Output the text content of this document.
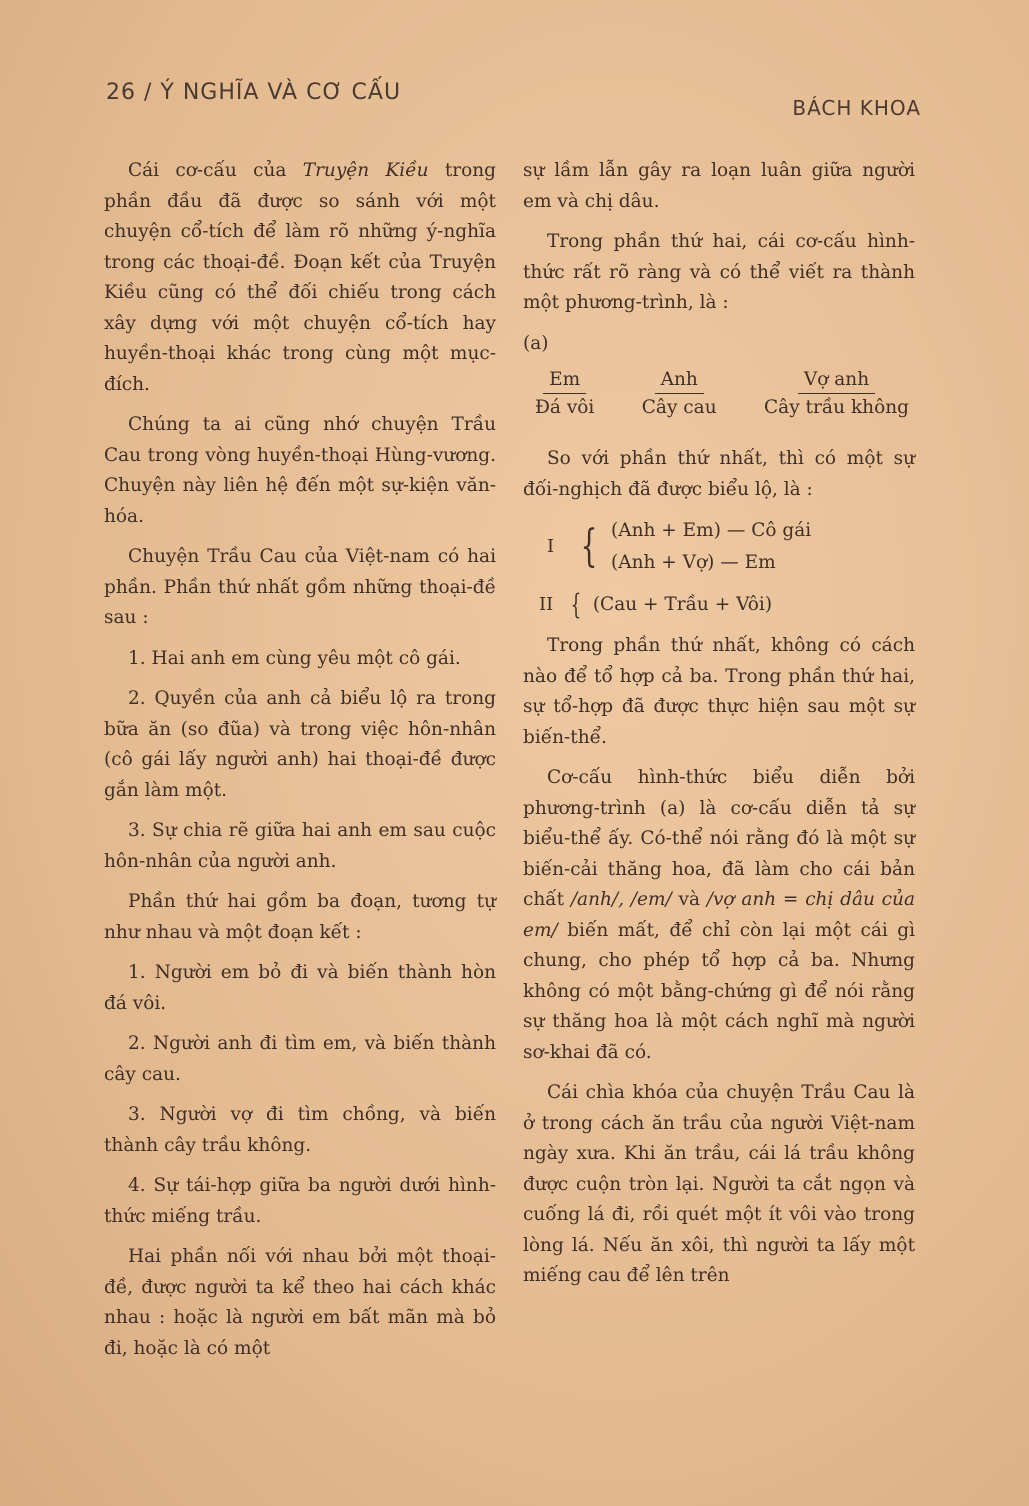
26 / Ý NGHĨA VÀ CƠ CẤU
BÁCH KHOA

Cái cơ-cấu của Truyện Kiều trong phần đầu đã được so sánh với một chuyện cổ-tích để làm rõ những ý-nghĩa trong các thoại-đề. Đoạn kết của Truyện Kiều cũng có thể đối chiếu trong cách xây dựng với một chuyện cổ-tích hay huyền-thoại khác trong cùng một mục-đích.

Chúng ta ai cũng nhớ chuyện Trầu Cau trong vòng huyền-thoại Hùng-vương. Chuyện này liên hệ đến một sự-kiện văn-hóa.

Chuyện Trầu Cau của Việt-nam có hai phần. Phần thứ nhất gồm những thoại-đề sau :

1. Hai anh em cùng yêu một cô gái.

2. Quyền của anh cả biểu lộ ra trong bữa ăn (so đũa) và trong việc hôn-nhân (cô gái lấy người anh) hai thoại-đề được gắn làm một.

3. Sự chia rẽ giữa hai anh em sau cuộc hôn-nhân của người anh.

Phần thứ hai gồm ba đoạn, tương tự như nhau và một đoạn kết :

1. Người em bỏ đi và biến thành hòn đá vôi.

2. Người anh đi tìm em, và biến thành cây cau.

3. Người vợ đi tìm chồng, và biến thành cây trầu không.

4. Sự tái-hợp giữa ba người dưới hình-thức miếng trầu.

Hai phần nối với nhau bởi một thoại-đề, được người ta kể theo hai cách khác nhau : hoặc là người em bất mãn mà bỏ đi, hoặc là có một

sự lầm lẫn gây ra loạn luân giữa người em và chị dâu.

Trong phần thứ hai, cái cơ-cấu hình-thức rất rõ ràng và có thể viết ra thành một phương-trình, là :

(a)
$\frac{Em}{\text{Đá vôi}} \frac{\text{Anh}}{\text{Cây cau}} \frac{\text{Vợ anh}}{\text{Cây trầu không}}$

So với phần thứ nhất, thì có một sự đối-nghịch đã được biểu lộ, là :

I { (Anh + Em) — Cô gái
(Anh + Vợ) — Em
II { (Cau + Trầu + Vôi)

Trong phần thứ nhất, không có cách nào để tổ hợp cả ba. Trong phần thứ hai, sự tổ-hợp đã được thực hiện sau một sự biến-thể.

Cơ-cấu hình-thức biểu diễn bởi phương-trình (a) là cơ-cấu diễn tả sự biểu-thể ấy. Có-thể nói rằng đó là một sự biến-cải thăng hoa, đã làm cho cái bản chất /anh/, /em/ và /vợ anh = chị dâu của em/ biến mất, để chỉ còn lại một cái gì chung, cho phép tổ hợp cả ba. Nhưng không có một bằng-chứng gì để nói rằng sự thăng hoa là một cách nghĩ mà người sơ-khai đã có.

Cái chìa khóa của chuyện Trầu Cau là ở trong cách ăn trầu của người Việt-nam ngày xưa. Khi ăn trầu, cái lá trầu không được cuộn tròn lại. Người ta cắt ngọn và cuống lá đi, rồi quét một ít vôi vào trong lòng lá. Nếu ăn xôi, thì người ta lấy một miếng cau để lên trên
